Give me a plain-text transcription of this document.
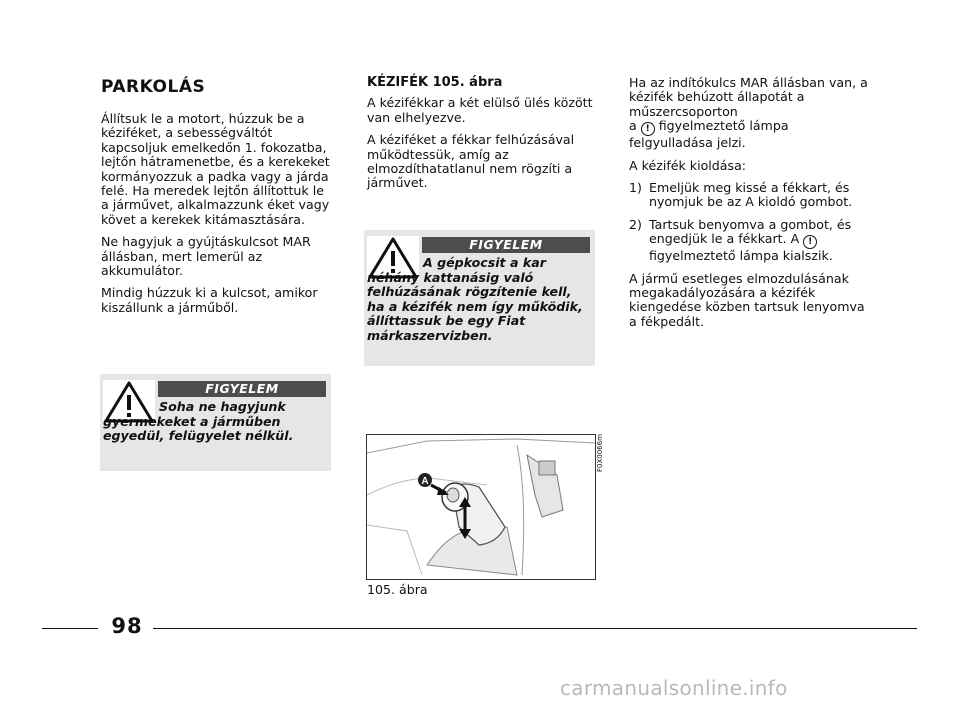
PARKOLÁS

Állítsuk le a motort, húzzuk be a kéziféket, a sebességváltót kapcsoljuk emelkedőn 1. fokozatba, lejtőn hátramenetbe, és a kerekeket kormányozzuk a padka vagy a járda felé. Ha meredek lejtőn állítottuk le a járművet, alkalmazzunk éket vagy követ a kerekek kitámasztására.

Ne hagyjuk a gyújtáskulcsot MAR állásban, mert lemerül az akkumulátor.

Mindig húzzuk ki a kulcsot, amikor kiszállunk a járműből.

FIGYELEM
Soha ne hagyjunk gyermekeket a járműben egyedül, felügyelet nélkül.
KÉZIFÉK 105. ábra

A kézifékkar a két elülső ülés között van elhelyezve.

A kéziféket a fékkar felhúzásával működtessük, amíg az elmozdíthatatlanul nem rögzíti a járművet.

FIGYELEM
A gépkocsit a kar néhány kattanásig való felhúzásának rögzítenie kell, ha a kézifék nem így működik, állíttassuk be egy Fiat márkaszervizben.
A
F0X0066m
105. ábra

Ha az indítókulcs MAR állásban van, a kézifék behúzott állapotát a műszercsoporton
a ! figyelmeztető lámpa felgyulladása jelzi.

A kézifék kioldása:

1) Emeljük meg kissé a fékkart, és nyomjuk be az A kioldó gombot.
2) Tartsuk benyomva a gombot, és engedjük le a fékkart. A ! figyelmeztető lámpa kialszik.

A jármű esetleges elmozdulásának megakadályozására a kézifék kiengedése közben tartsuk lenyomva a fékpedált.

98
carmanualsonline.info
